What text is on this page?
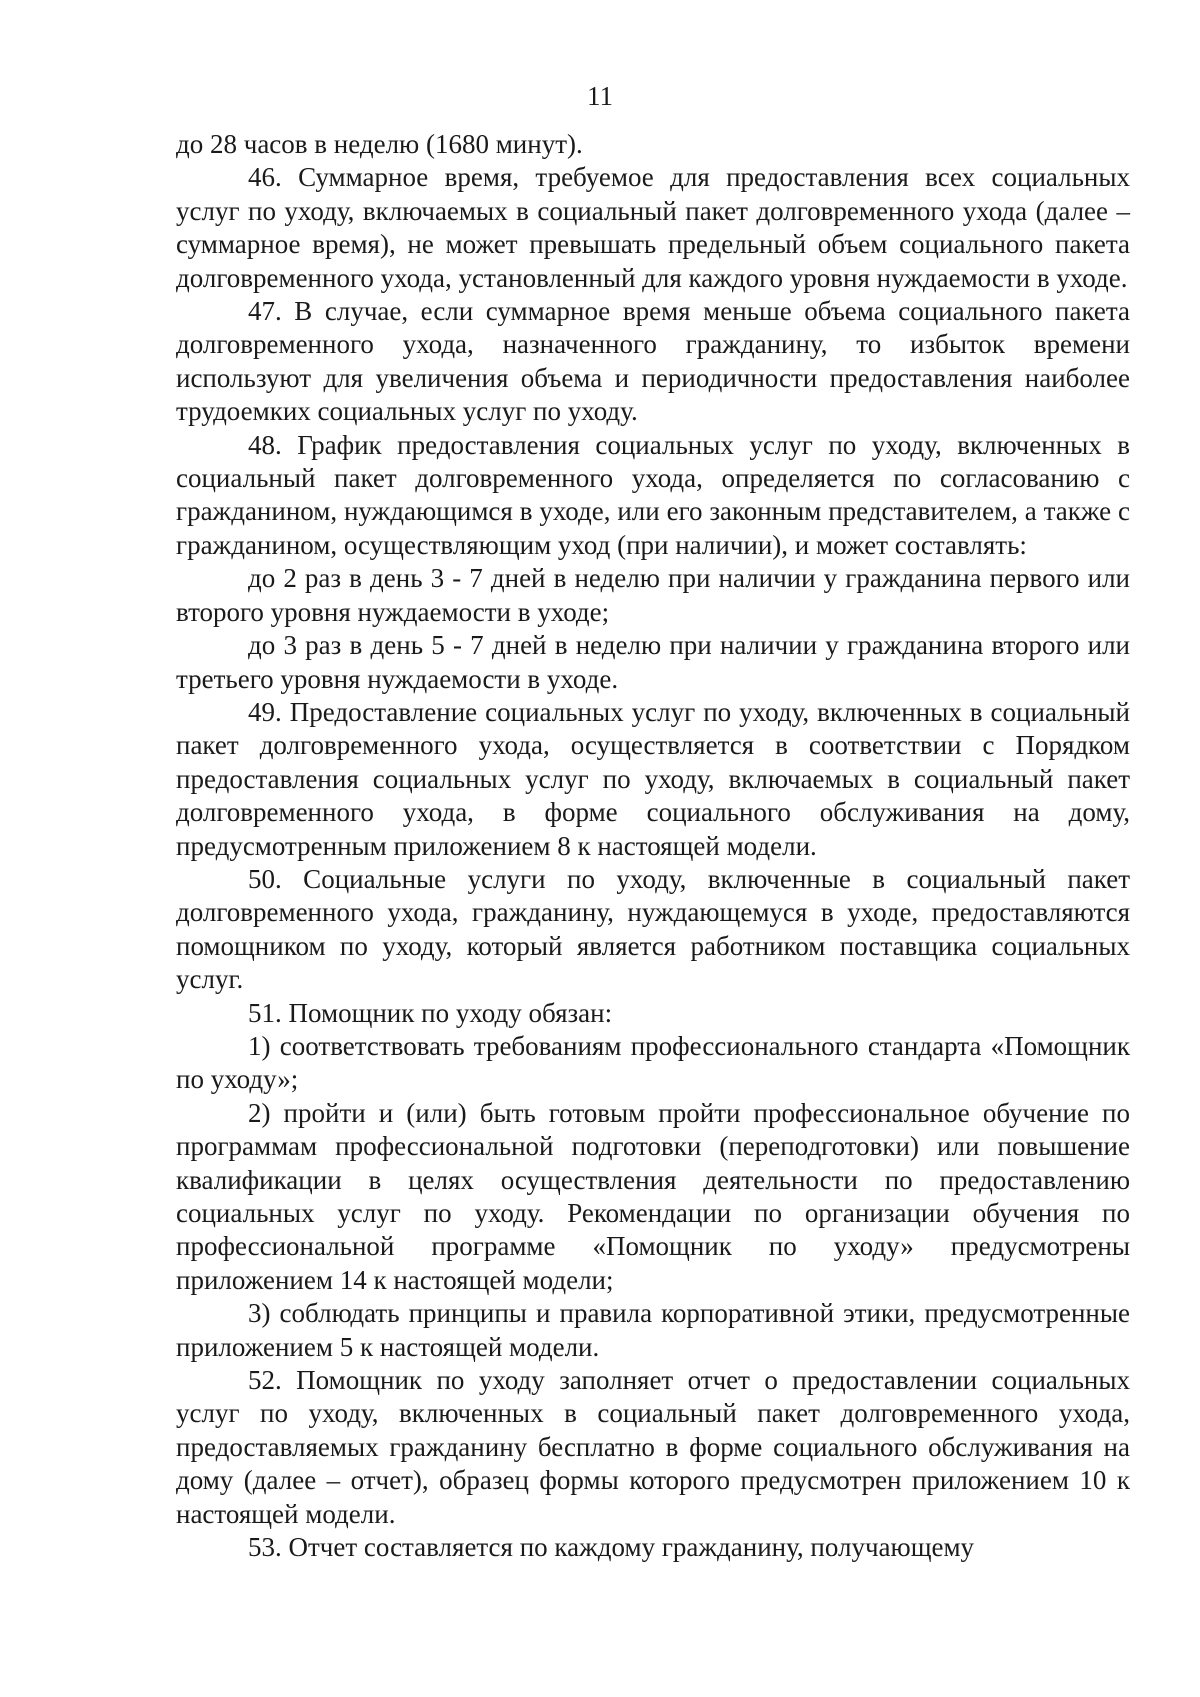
11

до 28 часов в неделю (1680 минут).

46. Суммарное время, требуемое для предоставления всех социальных услуг по уходу, включаемых в социальный пакет долговременного ухода (далее – суммарное время), не может превышать предельный объем социального пакета долговременного ухода, установленный для каждого уровня нуждаемости в уходе.

47. В случае, если суммарное время меньше объема социального пакета долговременного ухода, назначенного гражданину, то избыток времени используют для увеличения объема и периодичности предоставления наиболее трудоемких социальных услуг по уходу.

48. График предоставления социальных услуг по уходу, включенных в социальный пакет долговременного ухода, определяется по согласованию с гражданином, нуждающимся в уходе, или его законным представителем, а также с гражданином, осуществляющим уход (при наличии), и может составлять:

до 2 раз в день 3 - 7 дней в неделю при наличии у гражданина первого или второго уровня нуждаемости в уходе;

до 3 раз в день 5 - 7 дней в неделю при наличии у гражданина второго или третьего уровня нуждаемости в уходе.

49. Предоставление социальных услуг по уходу, включенных в социальный пакет долговременного ухода, осуществляется в соответствии с Порядком предоставления социальных услуг по уходу, включаемых в социальный пакет долговременного ухода, в форме социального обслуживания на дому, предусмотренным приложением 8 к настоящей модели.

50. Социальные услуги по уходу, включенные в социальный пакет долговременного ухода, гражданину, нуждающемуся в уходе, предоставляются помощником по уходу, который является работником поставщика социальных услуг.

51. Помощник по уходу обязан:

1) соответствовать требованиям профессионального стандарта «Помощник по уходу»;

2) пройти и (или) быть готовым пройти профессиональное обучение по программам профессиональной подготовки (переподготовки) или повышение квалификации в целях осуществления деятельности по предоставлению социальных услуг по уходу. Рекомендации по организации обучения по профессиональной программе «Помощник по уходу» предусмотрены приложением 14 к настоящей модели;

3) соблюдать принципы и правила корпоративной этики, предусмотренные приложением 5 к настоящей модели.

52. Помощник по уходу заполняет отчет о предоставлении социальных услуг по уходу, включенных в социальный пакет долговременного ухода, предоставляемых гражданину бесплатно в форме социального обслуживания на дому (далее – отчет), образец формы которого предусмотрен приложением 10 к настоящей модели.

53. Отчет составляется по каждому гражданину, получающему
